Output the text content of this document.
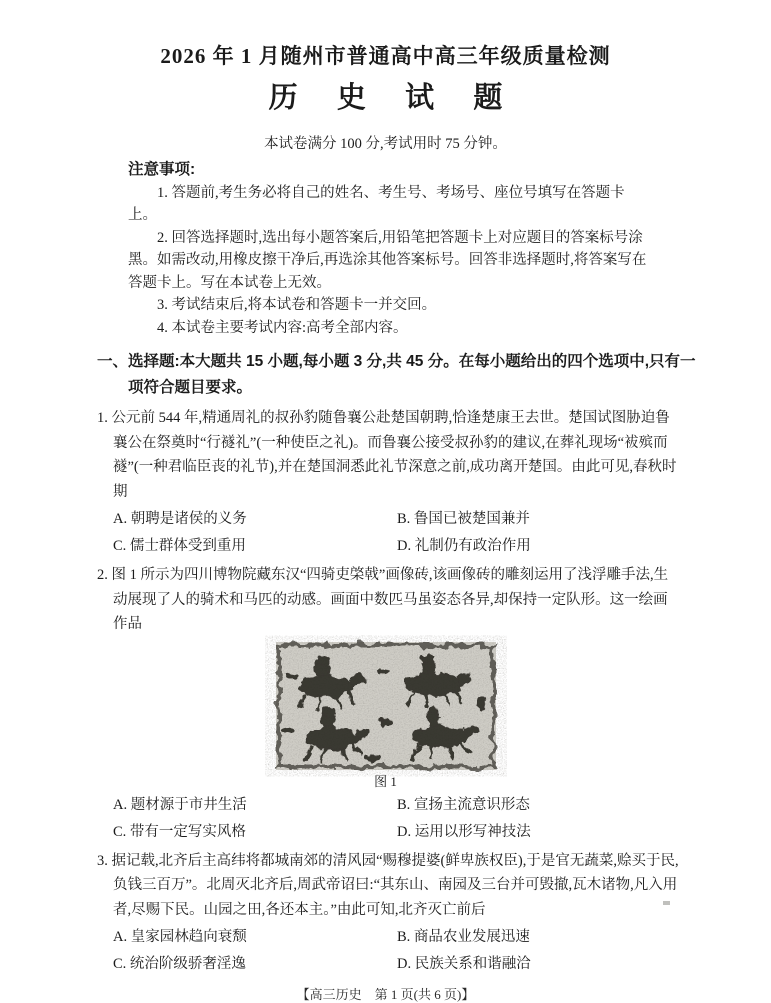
2026 年 1 月随州市普通高中高三年级质量检测
历 史 试 题
本试卷满分 100 分,考试用时 75 分钟。
注意事项:

1. 答题前,考生务必将自己的姓名、考生号、考场号、座位号填写在答题卡上。

2. 回答选择题时,选出每小题答案后,用铅笔把答题卡上对应题目的答案标号涂黑。如需改动,用橡皮擦干净后,再选涂其他答案标号。回答非选择题时,将答案写在答题卡上。写在本试卷上无效。

3. 考试结束后,将本试卷和答题卡一并交回。

4. 本试卷主要考试内容:高考全部内容。

一、选择题:本大题共 15 小题,每小题 3 分,共 45 分。在每小题给出的四个选项中,只有一项符合题目要求。

1. 公元前 544 年,精通周礼的叔孙豹随鲁襄公赴楚国朝聘,恰逢楚康王去世。楚国试图胁迫鲁襄公在祭奠时“行襚礼”(一种使臣之礼)。而鲁襄公接受叔孙豹的建议,在葬礼现场“袚殡而襚”(一种君临臣丧的礼节),并在楚国洞悉此礼节深意之前,成功离开楚国。由此可见,春秋时期

A. 朝聘是诸侯的义务	B. 鲁国已被楚国兼并
C. 儒士群体受到重用	D. 礼制仍有政治作用

2. 图 1 所示为四川博物院藏东汉“四骑吏棨戟”画像砖,该画像砖的雕刻运用了浅浮雕手法,生动展现了人的骑术和马匹的动感。画面中数匹马虽姿态各异,却保持一定队形。这一绘画作品

图 1
A. 题材源于市井生活	B. 宣扬主流意识形态
C. 带有一定写实风格	D. 运用以形写神技法

3. 据记载,北齐后主高纬将都城南郊的清风园“赐穆提婆(鲜卑族权臣),于是官无蔬菜,赊买于民,负钱三百万”。北周灭北齐后,周武帝诏曰:“其东山、南园及三台并可毁撤,瓦木诸物,凡入用者,尽赐下民。山园之田,各还本主。”由此可知,北齐灭亡前后

A. 皇家园林趋向衰颓	B. 商品农业发展迅速
C. 统治阶级骄奢淫逸	D. 民族关系和谐融洽
【高三历史　第 1 页(共 6 页)】
